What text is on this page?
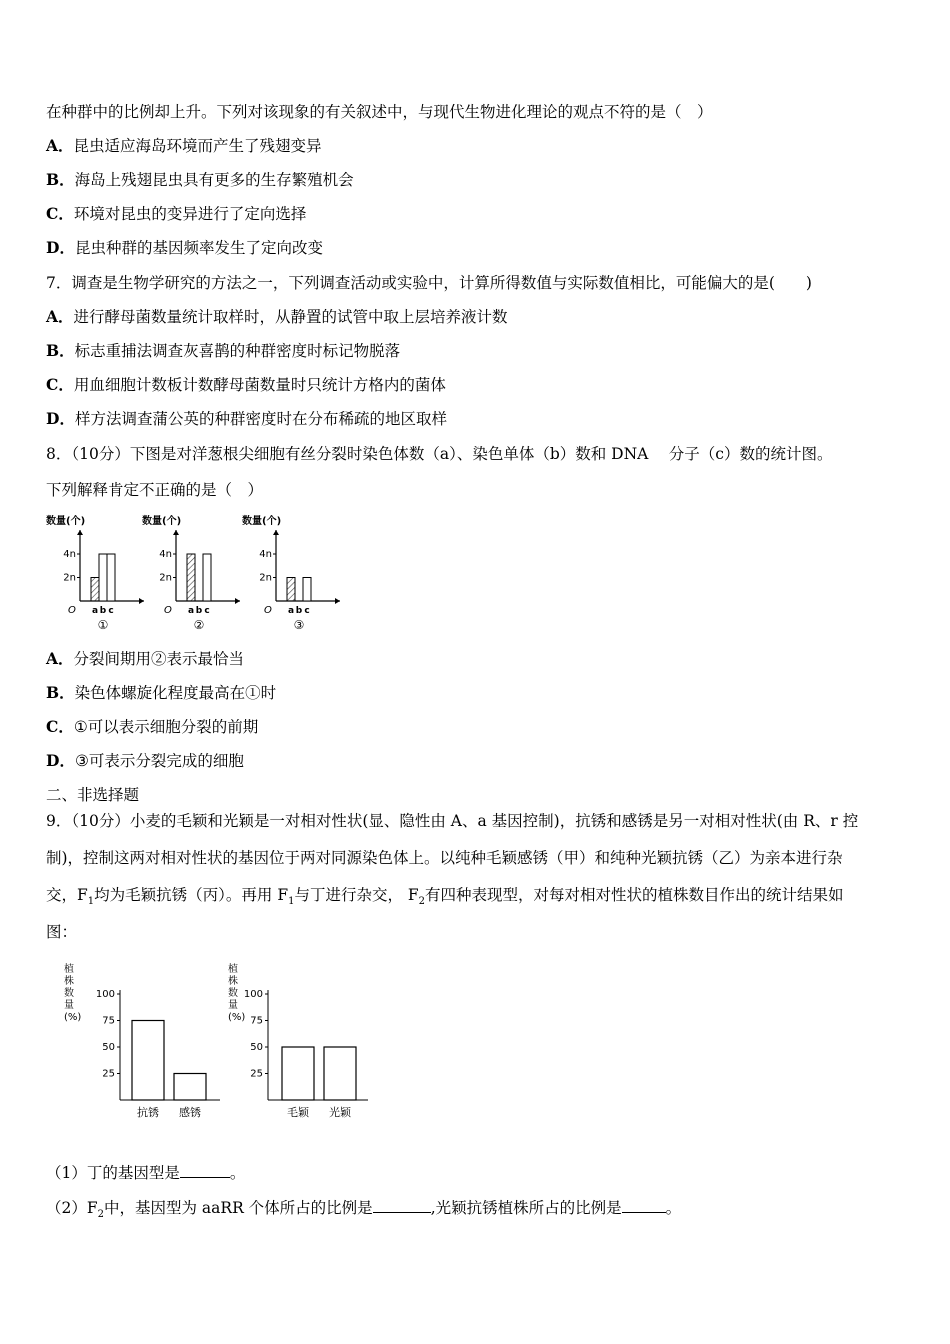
在种群中的比例却上升。下列对该现象的有关叙述中，与现代生物进化理论的观点不符的是（　）
A．昆虫适应海岛环境而产生了残翅变异
B．海岛上残翅昆虫具有更多的生存繁殖机会
C．环境对昆虫的变异进行了定向选择
D．昆虫种群的基因频率发生了定向改变
7．调查是生物学研究的方法之一，下列调查活动或实验中，计算所得数值与实际数值相比，可能偏大的是(　　)
A．进行酵母菌数量统计取样时，从静置的试管中取上层培养液计数
B．标志重捕法调查灰喜鹊的种群密度时标记物脱落
C．用血细胞计数板计数酵母菌数量时只统计方格内的菌体
D．样方法调查蒲公英的种群密度时在分布稀疏的地区取样
8．（10分）下图是对洋葱根尖细胞有丝分裂时染色体数（a）、染色单体（b）数和 DNA　 分子（c）数的统计图。
下列解释肯定不正确的是（　）
数量(个)
2n
4n
O a b c
①
数量(个)
2n
4n
O a b c
②
数量(个)
2n
4n
O a b c
③
A．分裂间期用②表示最恰当
B．染色体螺旋化程度最高在①时
C．①可以表示细胞分裂的前期
D．③可表示分裂完成的细胞
二、非选择题
9．（10分）小麦的毛颖和光颖是一对相对性状(显、隐性由 A、a 基因控制)，抗锈和感锈是另一对相对性状(由 R、r 控
制)，控制这两对相对性状的基因位于两对同源染色体上。以纯种毛颖感锈（甲）和纯种光颖抗锈（乙）为亲本进行杂
交，$F_1$均为毛颖抗锈（丙）。再用 $F_1$与丁进行杂交， $F_2$有四种表现型，对每对相对性状的植株数目作出的统计结果如
图：
植株数量(%)
25
50
75
100
抗锈 感锈
植株数量(%)
25
50
75
100
毛颖 光颖
（1）丁的基因型是	。
$(2)F_2$中，基因型为 aaRR 个体所占的比例是	,光颖抗锈植株所占的比例是	。
